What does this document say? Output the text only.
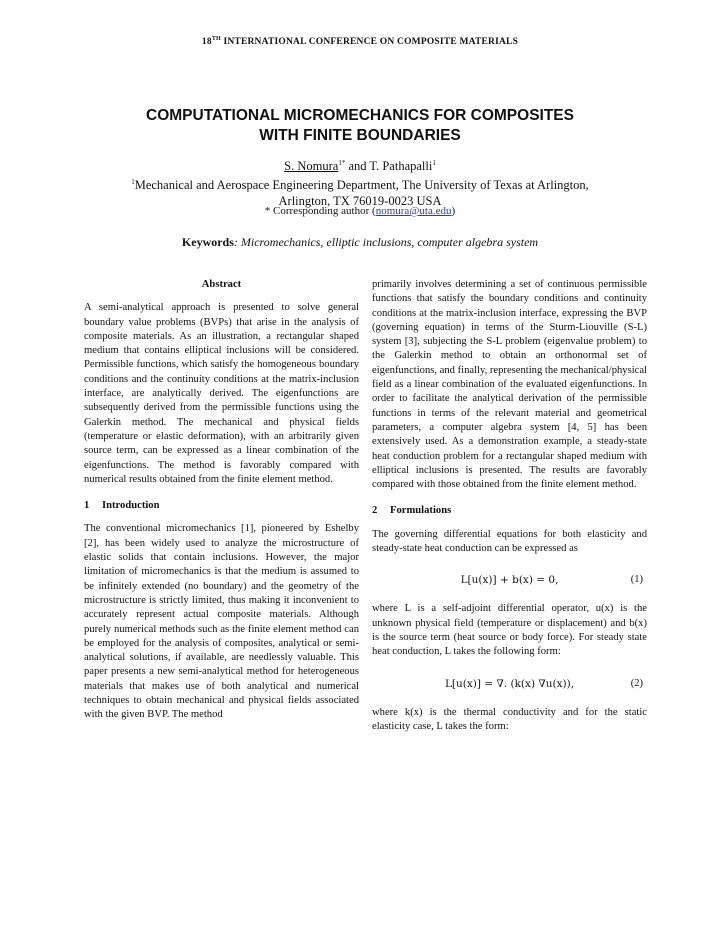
18TH INTERNATIONAL CONFERENCE ON COMPOSITE MATERIALS
COMPUTATIONAL MICROMECHANICS FOR COMPOSITES
WITH FINITE BOUNDARIES
S. Nomura$^{1*}$ and T. Pathapalli$^1$
$^1$Mechanical and Aerospace Engineering Department, The University of Texas at Arlington,
Arlington, TX 76019-0023 USA
* Corresponding author (nomura@uta.edu)
Keywords: Micromechanics, elliptic inclusions, computer algebra system
Abstract

A semi-analytical approach is presented to solve general boundary value problems (BVPs) that arise in the analysis of composite materials. As an illustration, a rectangular shaped medium that contains elliptical inclusions will be considered. Permissible functions, which satisfy the homogeneous boundary conditions and the continuity conditions at the matrix-inclusion interface, are analytically derived. The eigenfunctions are subsequently derived from the permissible functions using the Galerkin method. The mechanical and physical fields (temperature or elastic deformation), with an arbitrarily given source term, can be expressed as a linear combination of the eigenfunctions. The method is favorably compared with numerical results obtained from the finite element method.

1 Introduction

The conventional micromechanics [1], pioneered by Eshelby [2], has been widely used to analyze the microstructure of elastic solids that contain inclusions. However, the major limitation of micromechanics is that the medium is assumed to be infinitely extended (no boundary) and the geometry of the microstructure is strictly limited, thus making it inconvenient to accurately represent actual composite materials. Although purely numerical methods such as the finite element method can be employed for the analysis of composites, analytical or semi-analytical solutions, if available, are needlessly valuable. This paper presents a new semi-analytical method for heterogeneous materials that makes use of both analytical and numerical techniques to obtain mechanical and physical fields associated with the given BVP. The method

primarily involves determining a set of continuous permissible functions that satisfy the boundary conditions and continuity conditions at the matrix-inclusion interface, expressing the BVP (governing equation) in terms of the Sturm-Liouville (S-L) system [3], subjecting the S-L problem (eigenvalue problem) to the Galerkin method to obtain an orthonormal set of eigenfunctions, and finally, representing the mechanical/physical field as a linear combination of the evaluated eigenfunctions. In order to facilitate the analytical derivation of the permissible functions in terms of the relevant material and geometrical parameters, a computer algebra system [4, 5] has been extensively used. As a demonstration example, a steady-state heat conduction problem for a rectangular shaped medium with elliptical inclusions is presented. The results are favorably compared with those obtained from the finite element method.

2 Formulations

The governing differential equations for both elasticity and steady-state heat conduction can be expressed as

L[u(x)] + b(x) = 0,	(1)

where L is a self-adjoint differential operator, u(x) is the unknown physical field (temperature or displacement) and b(x) is the source term (heat source or body force). For steady state heat conduction, L takes the following form:

L[u(x)] = ∇. (k(x) ∇u(x)),	(2)

where k(x) is the thermal conductivity and for the static elasticity case, L takes the form:
